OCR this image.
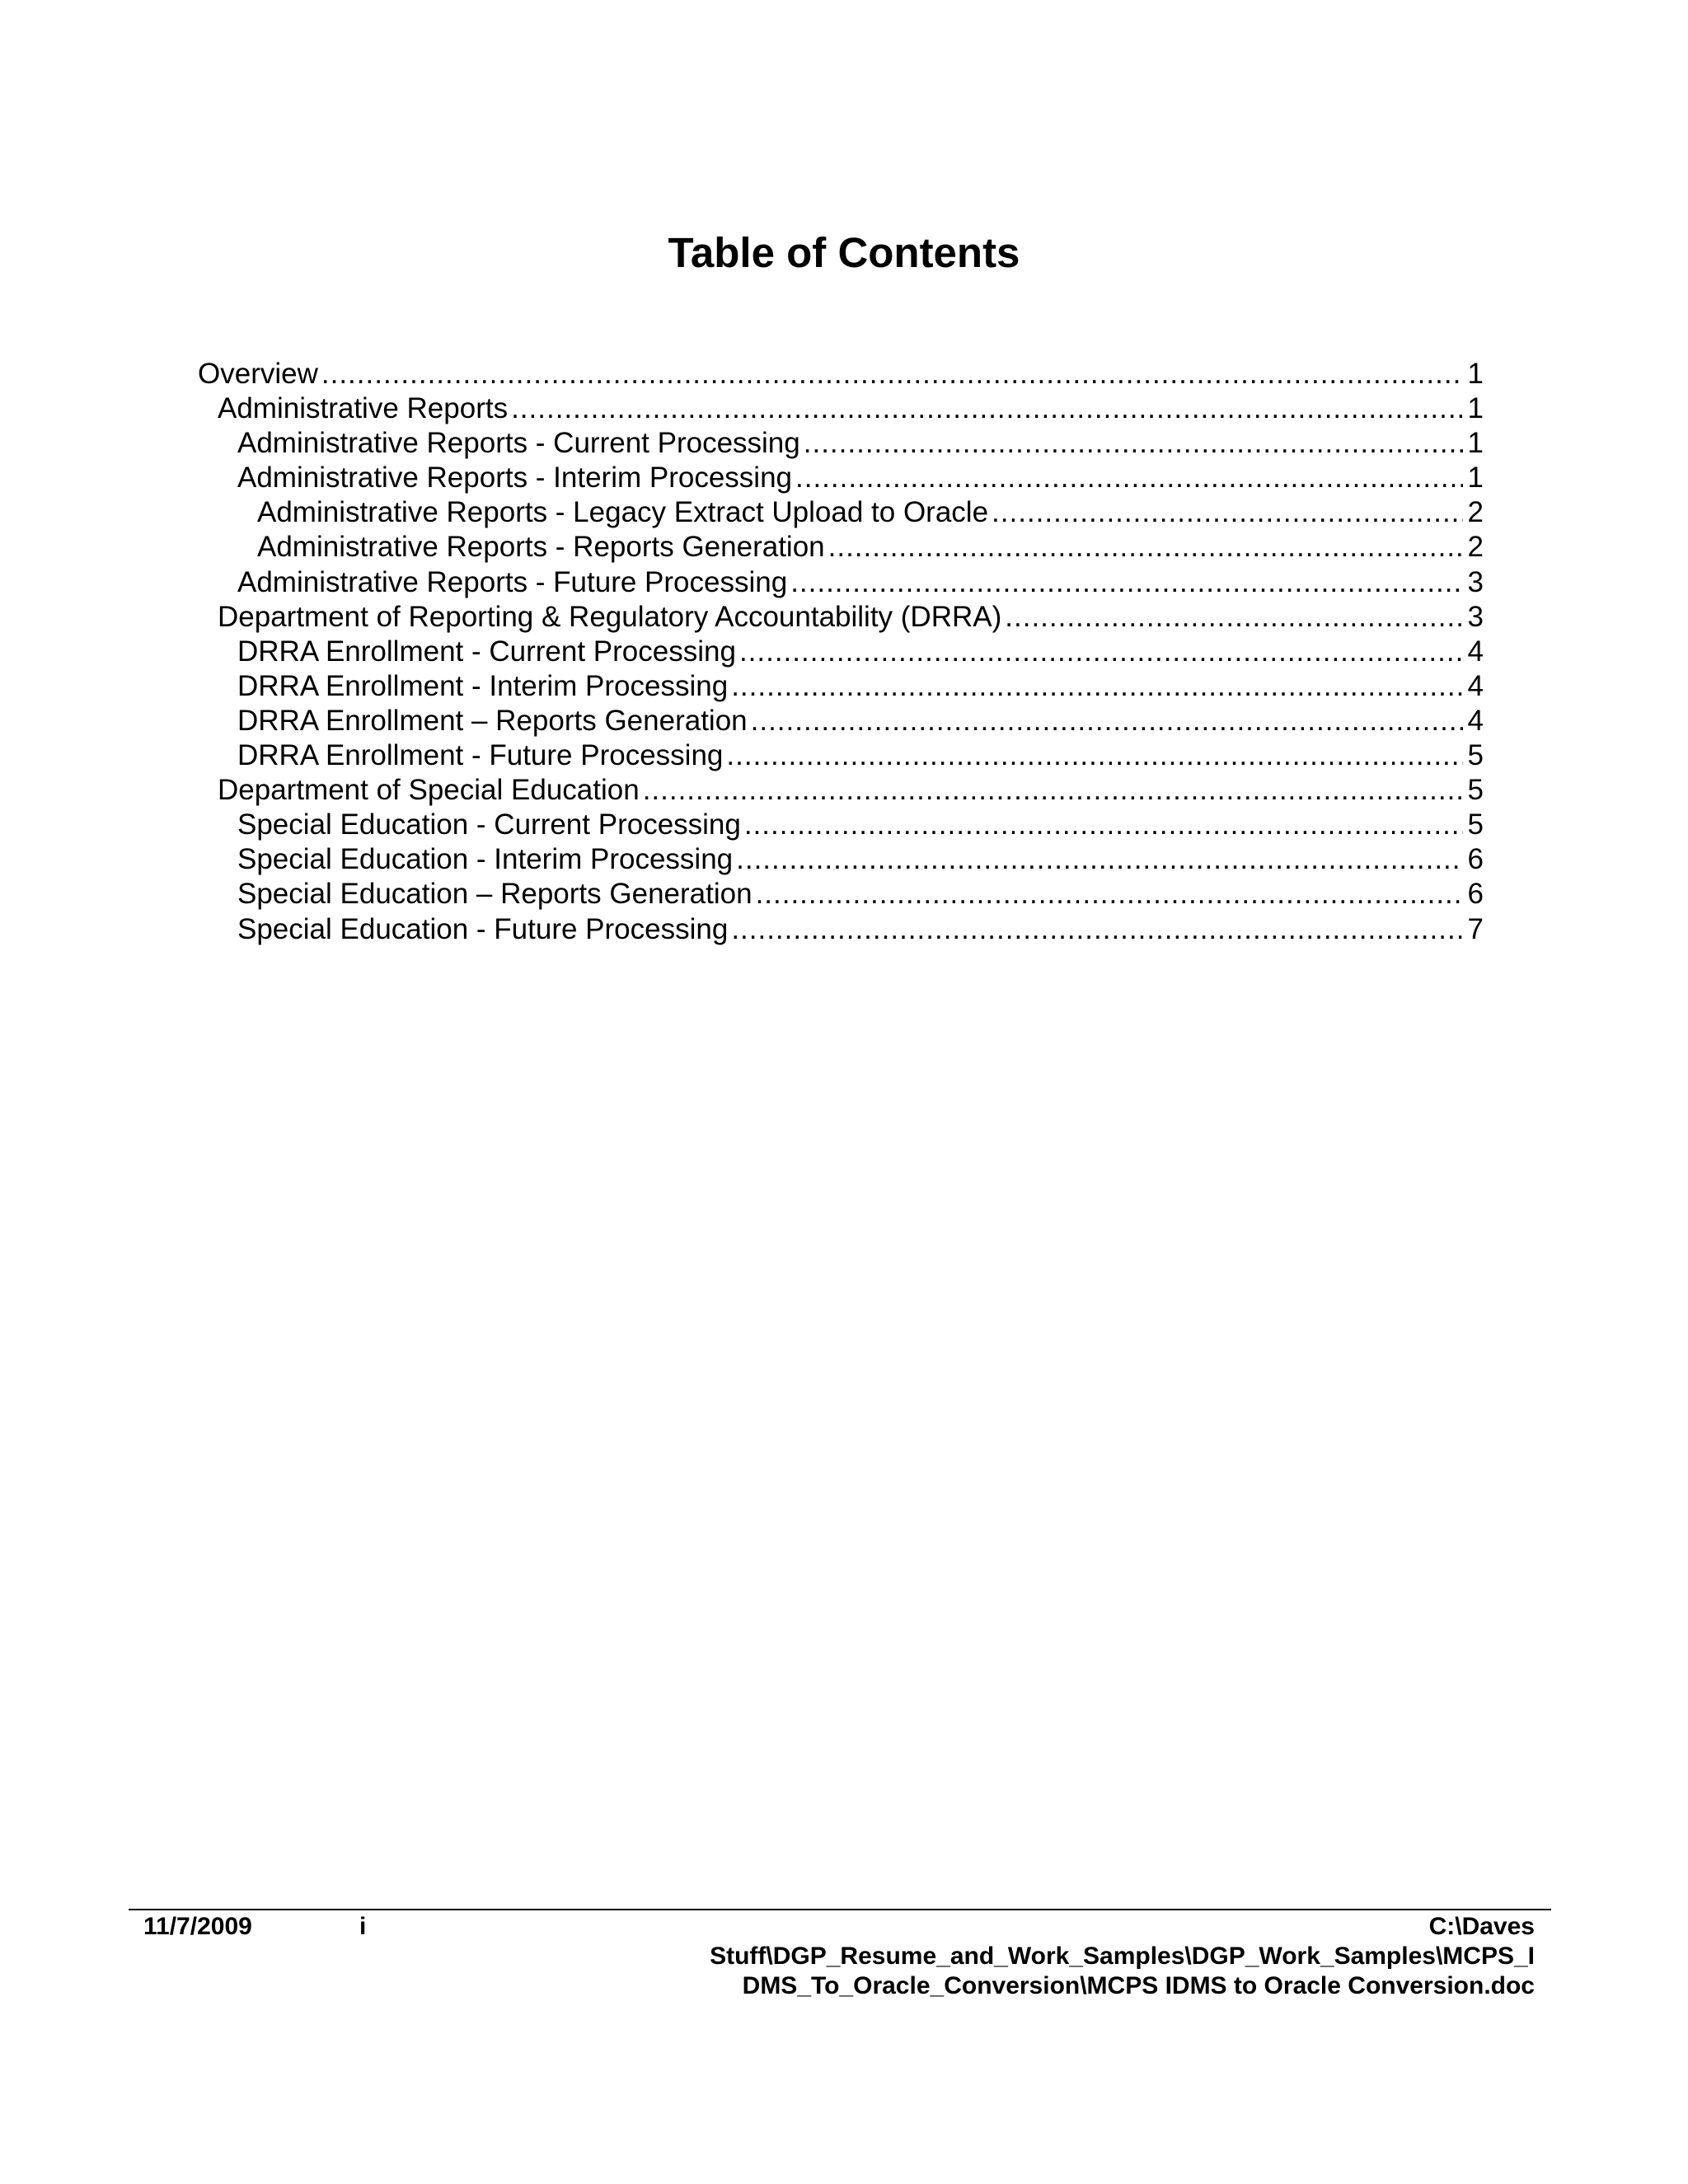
Table of Contents
Overview .....	1
Administrative Reports .....	1
Administrative Reports - Current Processing .....	1
Administrative Reports - Interim Processing .....	1
Administrative Reports - Legacy Extract Upload to Oracle .....	2
Administrative Reports - Reports Generation .....	2
Administrative Reports - Future Processing .....	3
Department of Reporting & Regulatory Accountability (DRRA) .....	3
DRRA Enrollment - Current Processing .....	4
DRRA Enrollment - Interim Processing .....	4
DRRA Enrollment – Reports Generation .....	4
DRRA Enrollment - Future Processing .....	5
Department of Special Education .....	5
Special Education - Current Processing .....	5
Special Education - Interim Processing .....	6
Special Education – Reports Generation .....	6
Special Education - Future Processing .....	7
11/7/2009	i	C:\Daves
Stuff\DGP_Resume_and_Work_Samples\DGP_Work_Samples\MCPS_I
DMS_To_Oracle_Conversion\MCPS IDMS to Oracle Conversion.doc
